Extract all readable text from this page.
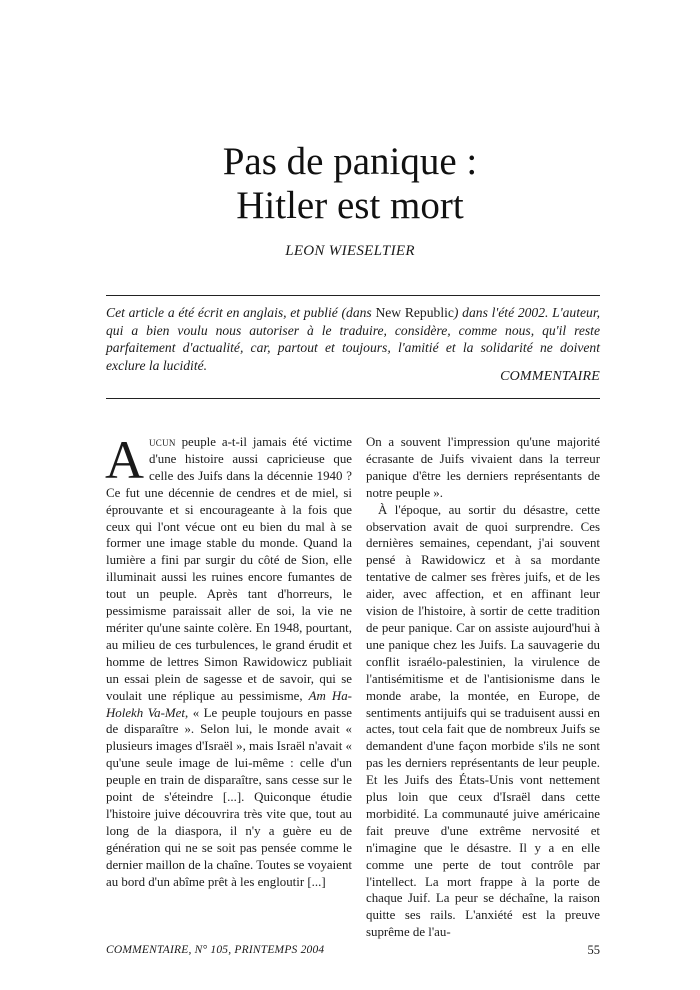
Pas de panique :
Hitler est mort
LEON WIESELTIER

Cet article a été écrit en anglais, et publié (dans New Republic) dans l'été 2002. L'auteur, qui a bien voulu nous autoriser à le traduire, considère, comme nous, qu'il reste parfaitement d'actualité, car, partout et toujours, l'amitié et la solidarité ne doivent exclure la lucidité.

COMMENTAIRE

Aucun peuple a-t-il jamais été victime d'une histoire aussi capricieuse que celle des Juifs dans la décennie 1940 ? Ce fut une décennie de cendres et de miel, si éprouvante et si encourageante à la fois que ceux qui l'ont vécue ont eu bien du mal à se former une image stable du monde. Quand la lumière a fini par surgir du côté de Sion, elle illuminait aussi les ruines encore fumantes de tout un peuple. Après tant d'horreurs, le pessimisme paraissait aller de soi, la vie ne mériter qu'une sainte colère. En 1948, pourtant, au milieu de ces turbulences, le grand érudit et homme de lettres Simon Rawidowicz publiait un essai plein de sagesse et de savoir, qui se voulait une réplique au pessimisme, Am Ha-Holekh Va-Met, « Le peuple toujours en passe de disparaître ». Selon lui, le monde avait « plusieurs images d'Israël », mais Israël n'avait « qu'une seule image de lui-même : celle d'un peuple en train de disparaître, sans cesse sur le point de s'éteindre [...]. Quiconque étudie l'histoire juive découvrira très vite que, tout au long de la diaspora, il n'y a guère eu de génération qui ne se soit pas pensée comme le dernier maillon de la chaîne. Toutes se voyaient au bord d'un abîme prêt à les engloutir [...]

On a souvent l'impression qu'une majorité écrasante de Juifs vivaient dans la terreur panique d'être les derniers représentants de notre peuple ».

À l'époque, au sortir du désastre, cette observation avait de quoi surprendre. Ces dernières semaines, cependant, j'ai souvent pensé à Rawidowicz et à sa mordante tentative de calmer ses frères juifs, et de les aider, avec affection, et en affinant leur vision de l'histoire, à sortir de cette tradition de peur panique. Car on assiste aujourd'hui à une panique chez les Juifs. La sauvagerie du conflit israélo-palestinien, la virulence de l'antisémitisme et de l'antisionisme dans le monde arabe, la montée, en Europe, de sentiments antijuifs qui se traduisent aussi en actes, tout cela fait que de nombreux Juifs se demandent d'une façon morbide s'ils ne sont pas les derniers représentants de leur peuple. Et les Juifs des États-Unis vont nettement plus loin que ceux d'Israël dans cette morbidité. La communauté juive américaine fait preuve d'une extrême nervosité et n'imagine que le désastre. Il y a en elle comme une perte de tout contrôle par l'intellect. La mort frappe à la porte de chaque Juif. La peur se déchaîne, la raison quitte ses rails. L'anxiété est la preuve suprême de l'au-

COMMENTAIRE, N° 105, PRINTEMPS 2004	55
